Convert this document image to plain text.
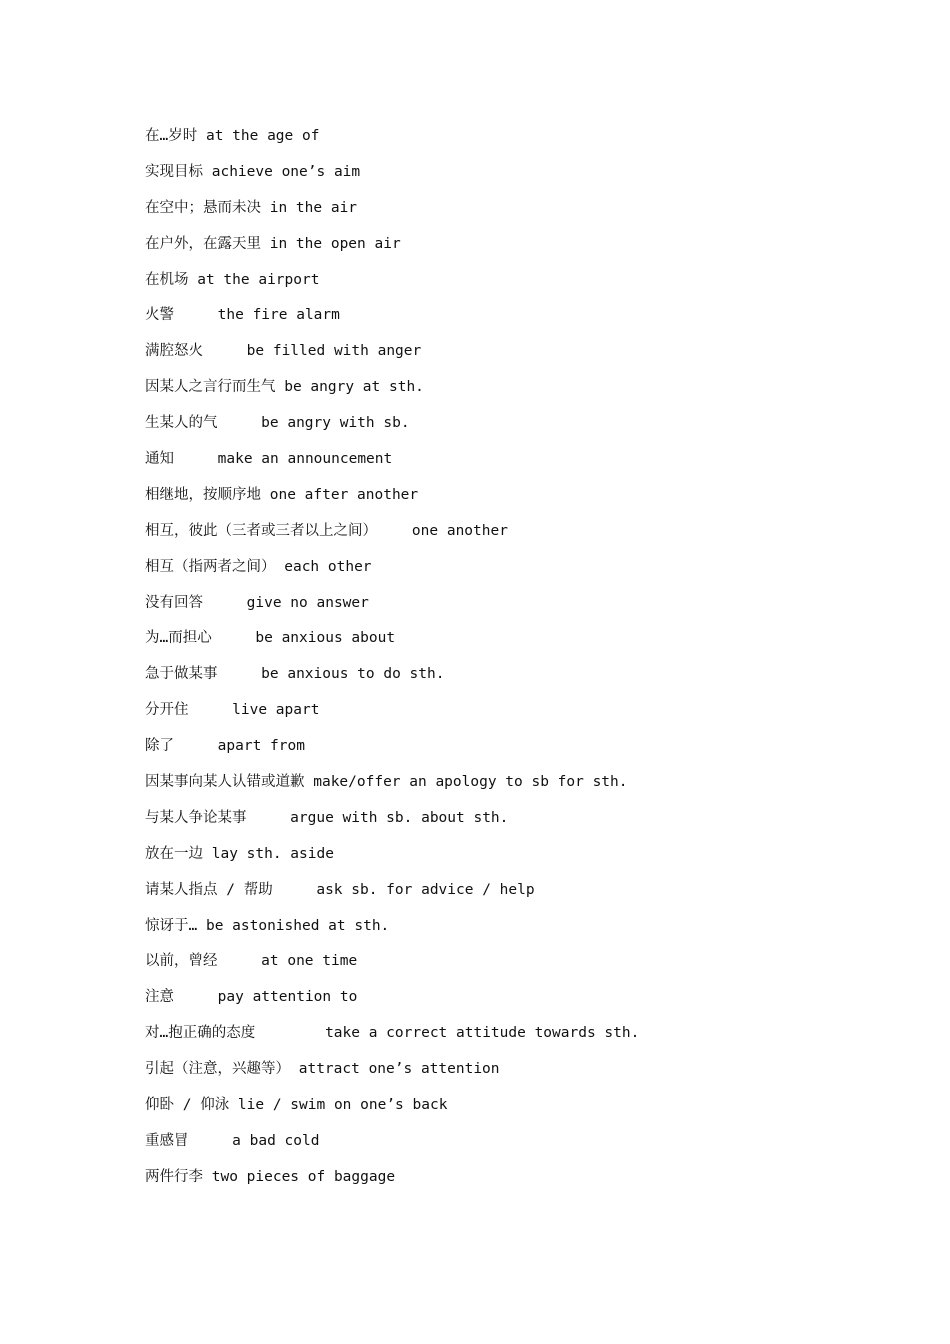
在…岁时 at the age of
实现目标 achieve one’s aim
在空中；悬而未决 in the air
在户外，在露天里 in the open air
在机场 at the airport
火警     the fire alarm
满腔怒火     be filled with anger
因某人之言行而生气 be angry at sth.
生某人的气     be angry with sb.
通知     make an announcement
相继地，按顺序地 one after another
相互，彼此（三者或三者以上之间）    one another
相互（指两者之间） each other
没有回答     give no answer
为…而担心     be anxious about
急于做某事     be anxious to do sth.
分开住     live apart
除了     apart from
因某事向某人认错或道歉 make/offer an apology to sb for sth.
与某人争论某事     argue with sb. about sth.
放在一边 lay sth. aside
请某人指点 / 帮助     ask sb. for advice / help
惊讶于… be astonished at sth.
以前，曾经     at one time
注意     pay attention to
对…抱正确的态度        take a correct attitude towards sth.
引起（注意，兴趣等） attract one’s attention
仰卧 / 仰泳 lie / swim on one’s back
重感冒     a bad cold
两件行李 two pieces of baggage
